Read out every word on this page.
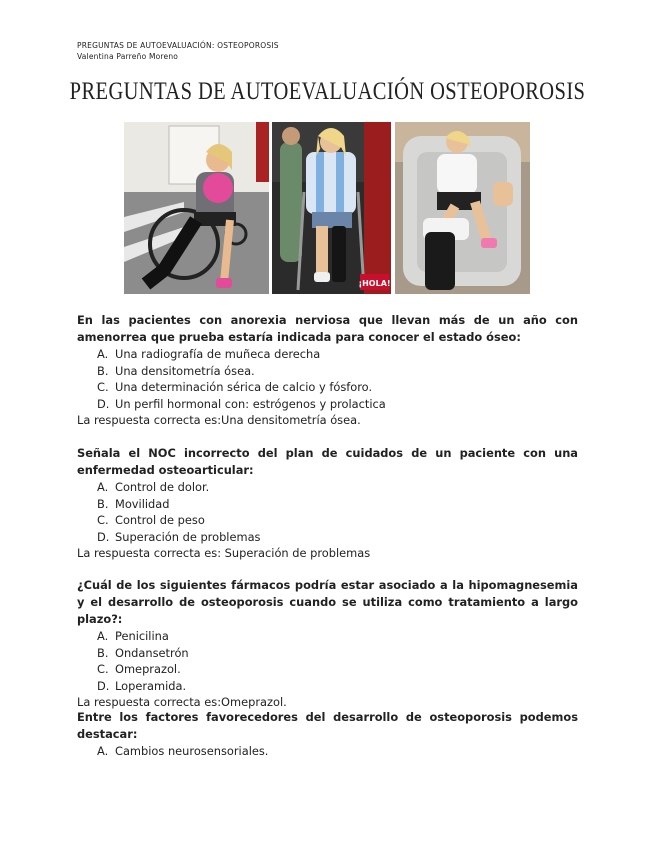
PREGUNTAS DE AUTOEVALUACIÓN: OSTEOPOROSIS
Valentina Parreño Moreno
PREGUNTAS DE AUTOEVALUACIÓN OSTEOPOROSIS
¡HOLA!
En las pacientes con anorexia nerviosa que llevan más de un año con amenorrea que prueba estaría indicada para conocer el estado óseo:
A. Una radiografía de muñeca derecha
B. Una densitometría ósea.
C. Una determinación sérica de calcio y fósforo.
D. Un perfil hormonal con: estrógenos y prolactica
La respuesta correcta es:Una densitometría ósea.
Señala el NOC incorrecto del plan de cuidados de un paciente con una enfermedad osteoarticular:
A. Control de dolor.
B. Movilidad
C. Control de peso
D. Superación de problemas
La respuesta correcta es: Superación de problemas
¿Cuál de los siguientes fármacos podría estar asociado a la hipomagnesemia y el desarrollo de osteoporosis cuando se utiliza como tratamiento a largo plazo?:
A. Penicilina
B. Ondansetrón
C. Omeprazol.
D. Loperamida.
La respuesta correcta es:Omeprazol.
Entre los factores favorecedores del desarrollo de osteoporosis podemos destacar:
A. Cambios neurosensoriales.
